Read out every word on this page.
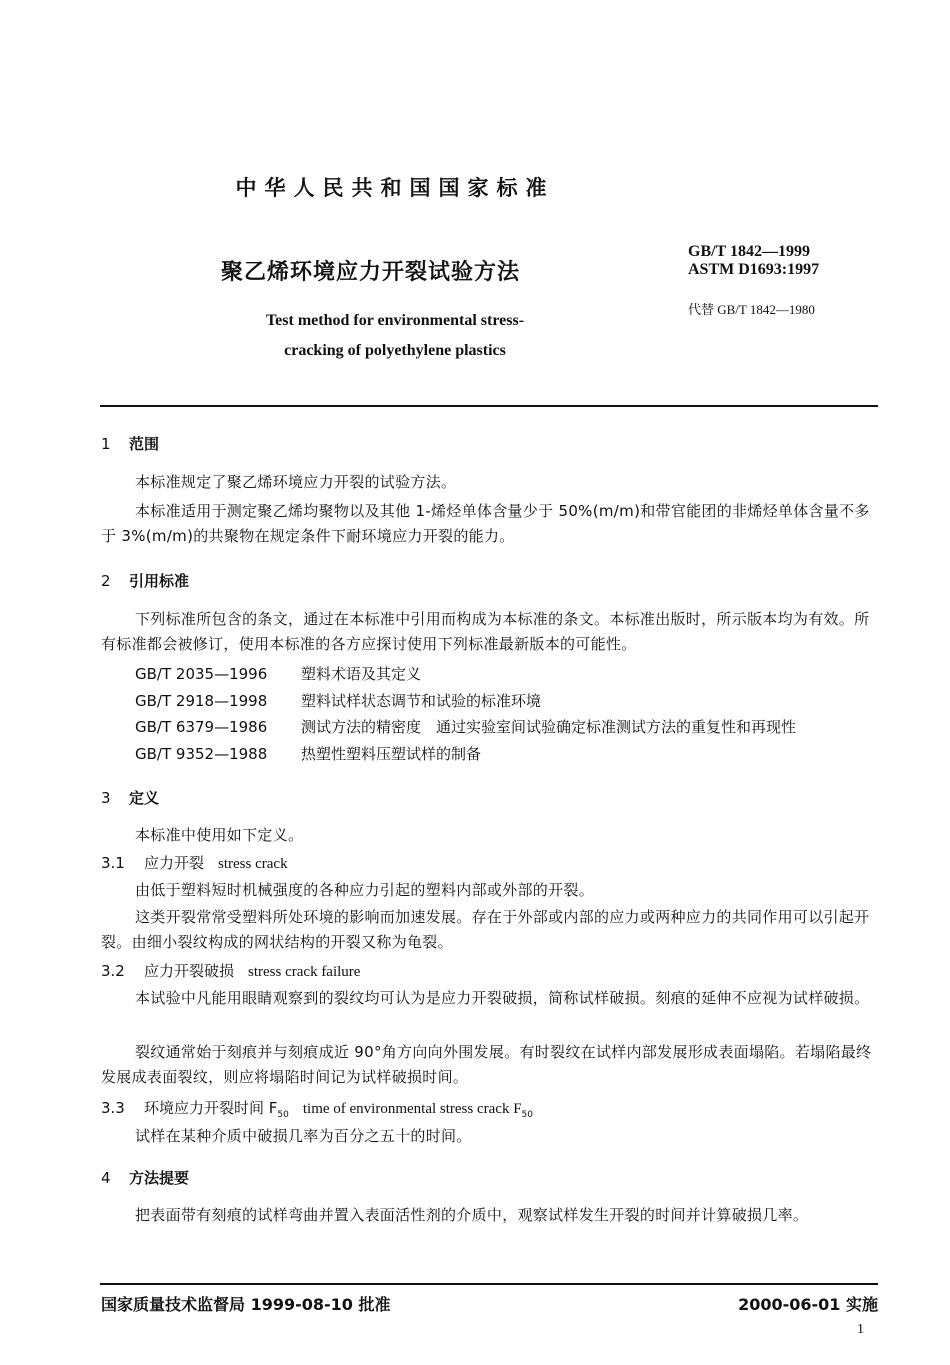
中华人民共和国国家标准
聚乙烯环境应力开裂试验方法
Test method for environmental stress-
cracking of polyethylene plastics
GB/T 1842—1999
ASTM D1693:1997
代替 GB/T 1842—1980
1 范围
本标准规定了聚乙烯环境应力开裂的试验方法。
本标准适用于测定聚乙烯均聚物以及其他 1-烯烃单体含量少于 50%(m/m)和带官能团的非烯烃单体含量不多于 3%(m/m)的共聚物在规定条件下耐环境应力开裂的能力。
2 引用标准
下列标准所包含的条文，通过在本标准中引用而构成为本标准的条文。本标准出版时，所示版本均为有效。所有标准都会被修订，使用本标准的各方应探讨使用下列标准最新版本的可能性。
GB/T 2035—1996 塑料术语及其定义
GB/T 2918—1998 塑料试样状态调节和试验的标准环境
GB/T 6379—1986 测试方法的精密度　通过实验室间试验确定标准测试方法的重复性和再现性
GB/T 9352—1988 热塑性塑料压塑试样的制备
3 定义
本标准中使用如下定义。
3.1 应力开裂 stress crack
由低于塑料短时机械强度的各种应力引起的塑料内部或外部的开裂。
这类开裂常常受塑料所处环境的影响而加速发展。存在于外部或内部的应力或两种应力的共同作用可以引起开裂。由细小裂纹构成的网状结构的开裂又称为龟裂。
3.2 应力开裂破损 stress crack failure
本试验中凡能用眼睛观察到的裂纹均可认为是应力开裂破损，简称试样破损。刻痕的延伸不应视为试样破损。
裂纹通常始于刻痕并与刻痕成近 90°角方向向外围发展。有时裂纹在试样内部发展形成表面塌陷。若塌陷最终发展成表面裂纹，则应将塌陷时间记为试样破损时间。
3.3 环境应力开裂时间 $F_{50}$ time of environmental stress crack $F_{50}$
试样在某种介质中破损几率为百分之五十的时间。
4 方法提要
把表面带有刻痕的试样弯曲并置入表面活性剂的介质中，观察试样发生开裂的时间并计算破损几率。
国家质量技术监督局 1999-08-10 批准	2000-06-01 实施
1
